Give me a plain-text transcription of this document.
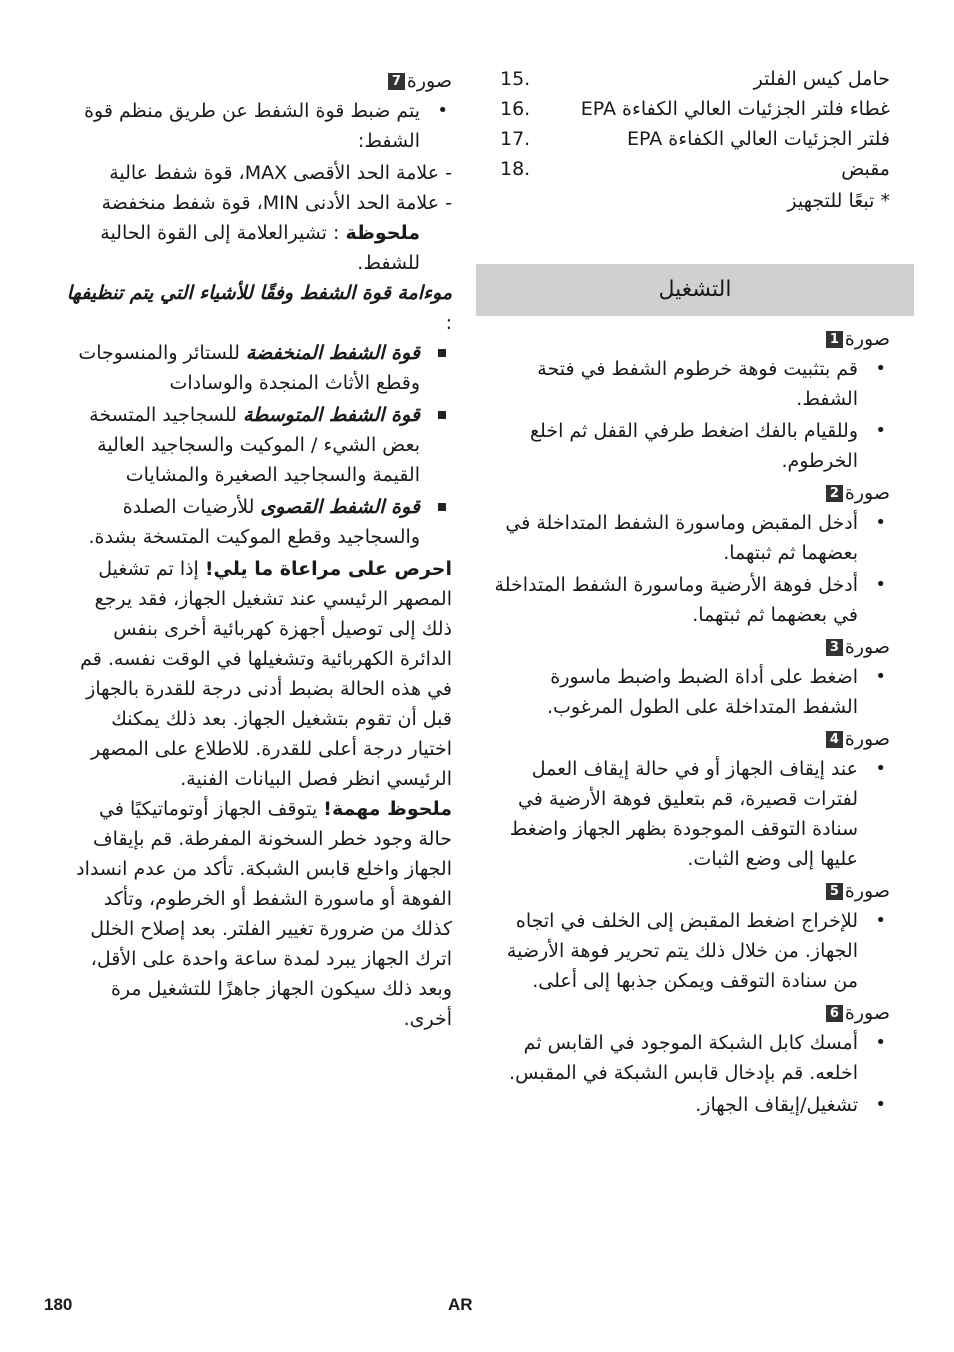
حامل كيس الفلتر
15.
غطاء فلتر الجزئيات العالي الكفاءة EPA
16.
فلتر الجزئيات العالي الكفاءة EPA
17.
مقبض
18.
* تبعًا للتجهيز
التشغيل
صورة
1
• قم بتثبيت فوهة خرطوم الشفط في فتحة الشفط.
• وللقيام بالفك اضغط طرفي القفل ثم اخلع الخرطوم.
صورة
2
• أدخل المقبض وماسورة الشفط المتداخلة في بعضهما ثم ثبتهما.
• أدخل فوهة الأرضية وماسورة الشفط المتداخلة في بعضهما ثم ثبتهما.
صورة
3
• اضغط على أداة الضبط واضبط ماسورة الشفط المتداخلة على الطول المرغوب.
صورة
4
• عند إيقاف الجهاز أو في حالة إيقاف العمل لفترات قصيرة، قم بتعليق فوهة الأرضية في سنادة التوقف الموجودة بظهر الجهاز واضغط عليها إلى وضع الثبات.
صورة
5
• للإخراج اضغط المقبض إلى الخلف في اتجاه الجهاز. من خلال ذلك يتم تحرير فوهة الأرضية من سنادة التوقف ويمكن جذبها إلى أعلى.
صورة
6
• أمسك كابل الشبكة الموجود في القابس ثم اخلعه. قم بإدخال قابس الشبكة في المقبس.
• تشغيل/إيقاف الجهاز.
صورة
7
• يتم ضبط قوة الشفط عن طريق منظم قوة الشفط:

- علامة الحد الأقصى MAX، قوة شفط عالية

- علامة الحد الأدنى MIN، قوة شفط منخفضة

ملحوظة : تشيرالعلامة إلى القوة الحالية للشفط.

موءامة قوة الشفط وفقًا للأشياء التي يتم تنظيفها :

قوة الشفط المنخفضة للستائر والمنسوجات وقطع الأثاث المنجدة والوسادات
قوة الشفط المتوسطة للسجاجيد المتسخة بعض الشيء / الموكيت والسجاجيد العالية القيمة والسجاجيد الصغيرة والمشايات
قوة الشفط القصوى للأرضيات الصلدة والسجاجيد وقطع الموكيت المتسخة بشدة.

احرص على مراعاة ما يلي! إذا تم تشغيل المصهر الرئيسي عند تشغيل الجهاز، فقد يرجع ذلك إلى توصيل أجهزة كهربائية أخرى بنفس الدائرة الكهربائية وتشغيلها في الوقت نفسه. قم في هذه الحالة بضبط أدنى درجة للقدرة بالجهاز قبل أن تقوم بتشغيل الجهاز. بعد ذلك يمكنك اختيار درجة أعلى للقدرة. للاطلاع على المصهر الرئيسي انظر فصل البيانات الفنية.

ملحوظ مهمة! يتوقف الجهاز أوتوماتيكيًا في حالة وجود خطر السخونة المفرطة. قم بإيقاف الجهاز واخلع قابس الشبكة. تأكد من عدم انسداد الفوهة أو ماسورة الشفط أو الخرطوم، وتأكد كذلك من ضرورة تغيير الفلتر. بعد إصلاح الخلل اترك الجهاز يبرد لمدة ساعة واحدة على الأقل، وبعد ذلك سيكون الجهاز جاهزًا للتشغيل مرة أخرى.

180	AR
